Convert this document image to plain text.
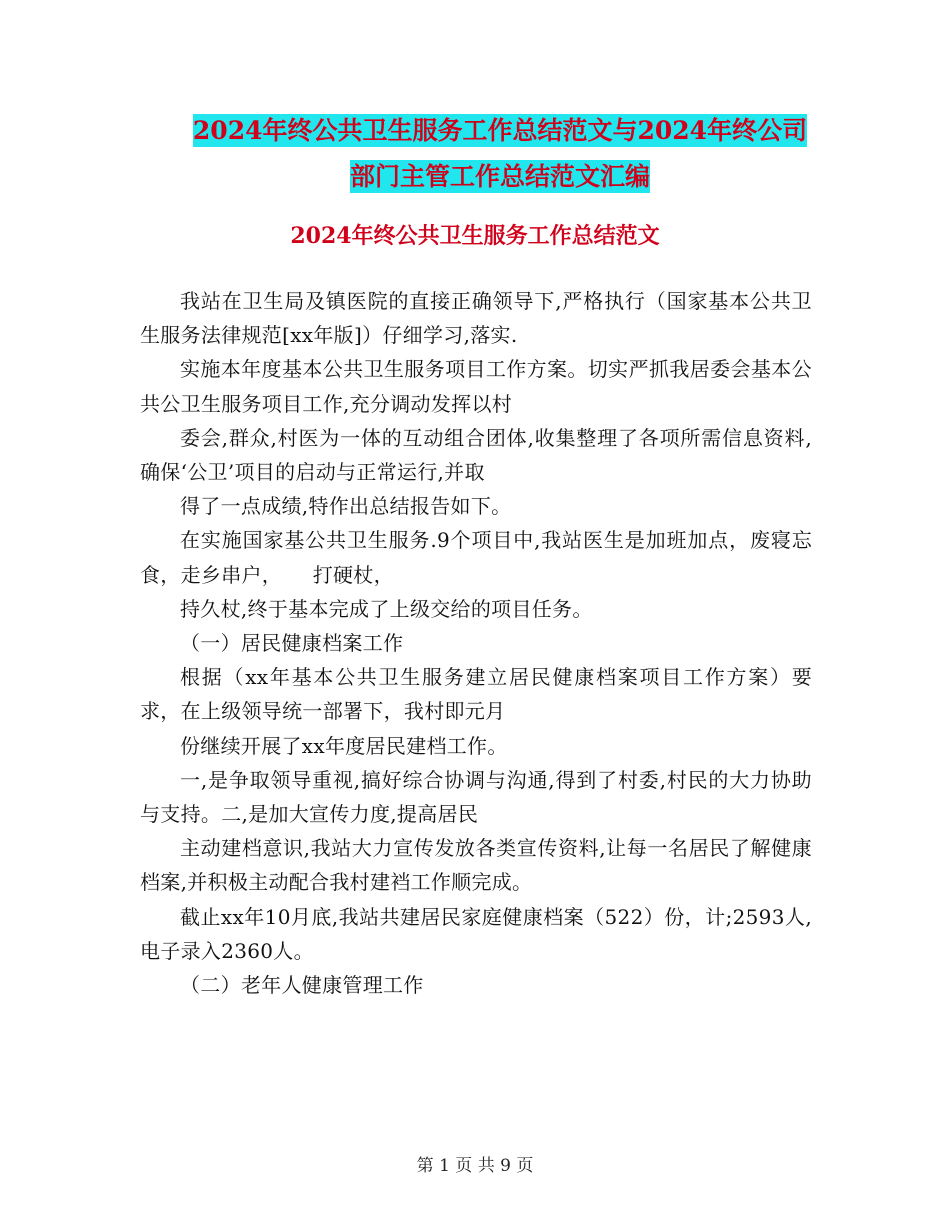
2024年终公共卫生服务工作总结范文与2024年终公司
部门主管工作总结范文汇编
2024年终公共卫生服务工作总结范文

我站在卫生局及镇医院的直接正确领导下,严格执行（国家基本公共卫生服务法律规范[xx年版]）仔细学习,落实.

实施本年度基本公共卫生服务项目工作方案。切实严抓我居委会基本公共公卫生服务项目工作,充分调动发挥以村

委会,群众,村医为一体的互动组合团体,收集整理了各项所需信息资料,确保‘公卫’项目的启动与正常运行,并取

得了一点成绩,特作出总结报告如下。

在实施国家基公共卫生服务.9个项目中,我站医生是加班加点，废寝忘食，走乡串户，　　打硬杖，

持久杖,终于基本完成了上级交给的项目任务。

（一）居民健康档案工作

根据（xx年基本公共卫生服务建立居民健康档案项目工作方案）要求，在上级领导统一部署下，我村即元月

份继续开展了xx年度居民建档工作。

一,是争取领导重视,搞好综合协调与沟通,得到了村委,村民的大力协助与支持。二,是加大宣传力度,提高居民

主动建档意识,我站大力宣传发放各类宣传资料,让每一名居民了解健康档案,并积极主动配合我村建裆工作顺完成。

截止xx年10月底,我站共建居民家庭健康档案（522）份，计;2593人,电子录入2360人。

（二）老年人健康管理工作

第 1 页 共 9 页
